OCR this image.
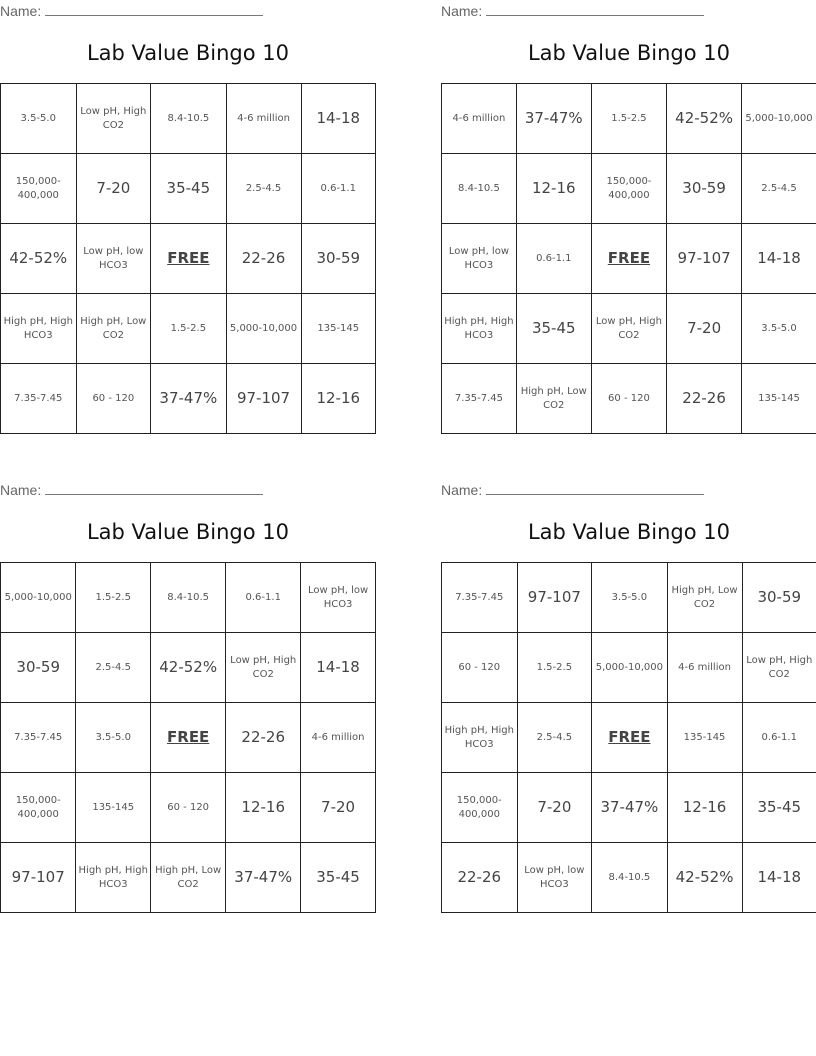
Name:
Lab Value Bingo 10
3.5-5.0	Low pH, High CO2	8.4-10.5	4-6 million	14-18
150,000-400,000	7-20	35-45	2.5-4.5	0.6-1.1
42-52%	Low pH, low HCO3	FREE	22-26	30-59
High pH, High HCO3	High pH, Low CO2	1.5-2.5	5,000-10,000	135-145
7.35-7.45	60 - 120	37-47%	97-107	12-16
Name:
Lab Value Bingo 10
4-6 million	37-47%	1.5-2.5	42-52%	5,000-10,000
8.4-10.5	12-16	150,000-400,000	30-59	2.5-4.5
Low pH, low HCO3	0.6-1.1	FREE	97-107	14-18
High pH, High HCO3	35-45	Low pH, High CO2	7-20	3.5-5.0
7.35-7.45	High pH, Low CO2	60 - 120	22-26	135-145
Name:
Lab Value Bingo 10
5,000-10,000	1.5-2.5	8.4-10.5	0.6-1.1	Low pH, low HCO3
30-59	2.5-4.5	42-52%	Low pH, High CO2	14-18
7.35-7.45	3.5-5.0	FREE	22-26	4-6 million
150,000-400,000	135-145	60 - 120	12-16	7-20
97-107	High pH, High HCO3	High pH, Low CO2	37-47%	35-45
Name:
Lab Value Bingo 10
7.35-7.45	97-107	3.5-5.0	High pH, Low CO2	30-59
60 - 120	1.5-2.5	5,000-10,000	4-6 million	Low pH, High CO2
High pH, High HCO3	2.5-4.5	FREE	135-145	0.6-1.1
150,000-400,000	7-20	37-47%	12-16	35-45
22-26	Low pH, low HCO3	8.4-10.5	42-52%	14-18
